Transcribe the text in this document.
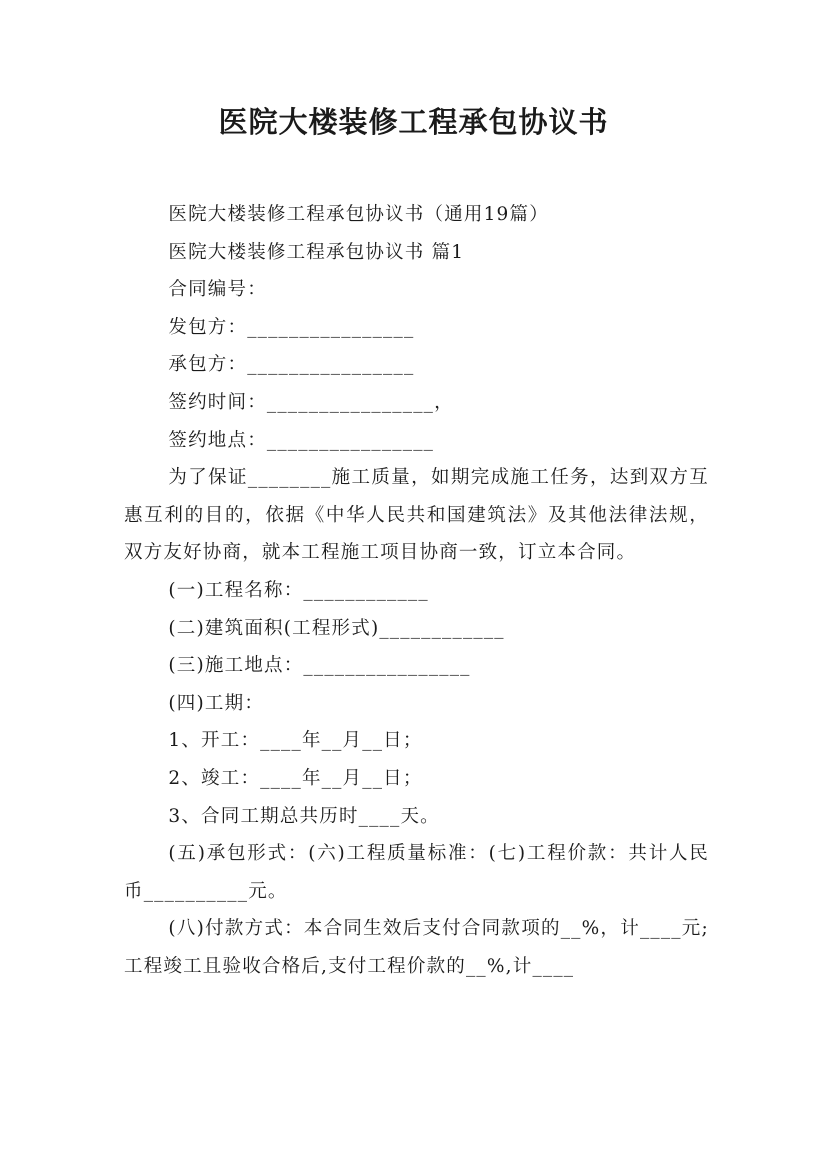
医院大楼装修工程承包协议书

医院大楼装修工程承包协议书（通用19篇）

医院大楼装修工程承包协议书 篇1

合同编号：

发包方：________________

承包方：________________

签约时间：________________，

签约地点：________________

为了保证________施工质量，如期完成施工任务，达到双方互惠互利的目的，依据《中华人民共和国建筑法》及其他法律法规，双方友好协商，就本工程施工项目协商一致，订立本合同。

(一)工程名称：____________

(二)建筑面积(工程形式)____________

(三)施工地点：________________

(四)工期：

1、开工：____年__月__日；

2、竣工：____年__月__日；

3、合同工期总共历时____天。

(五)承包形式：(六)工程质量标准：(七)工程价款：共计人民币__________元。

(八)付款方式：本合同生效后支付合同款项的__%，计____元;工程竣工且验收合格后,支付工程价款的__%,计____
